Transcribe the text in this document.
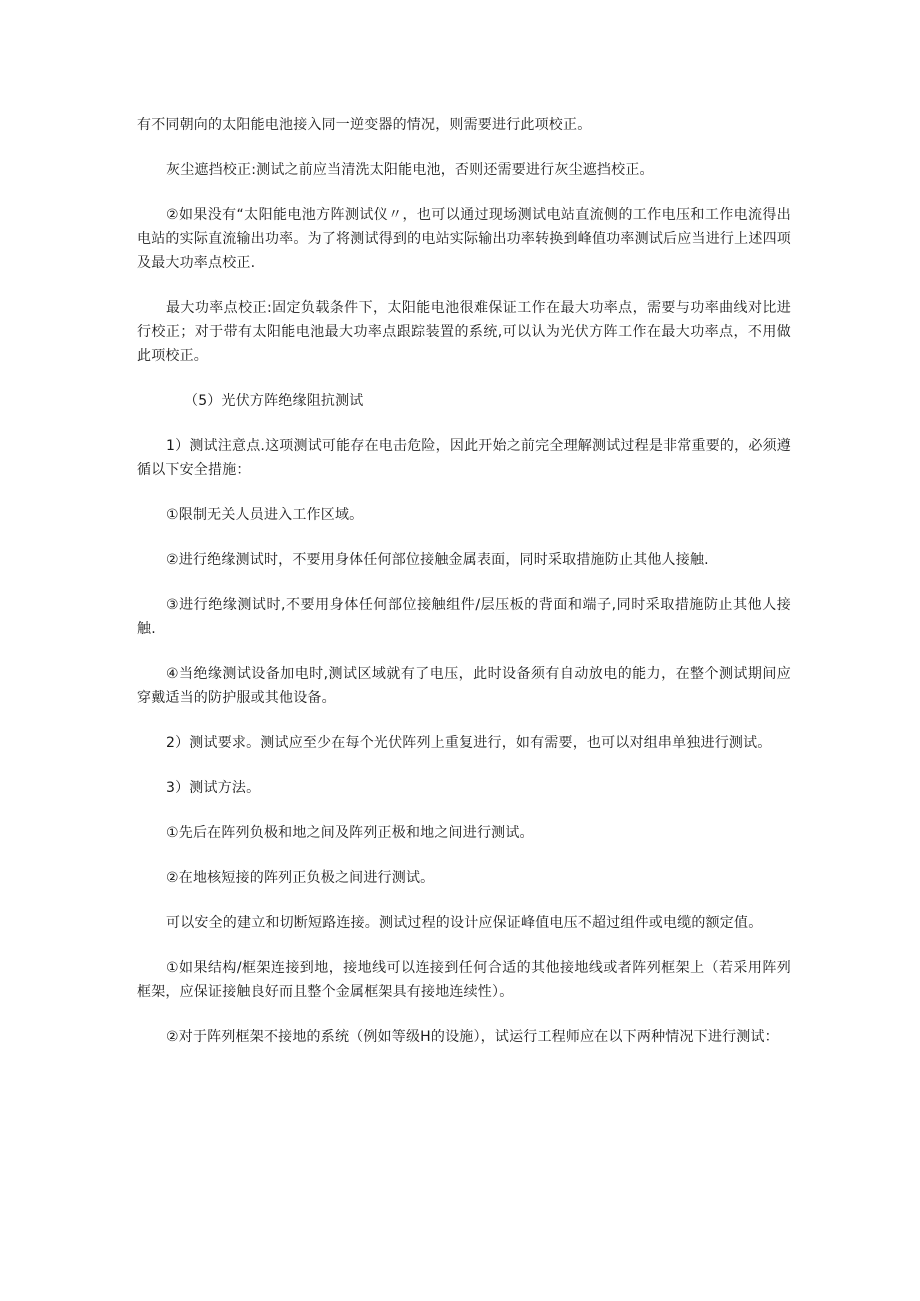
有不同朝向的太阳能电池接入同一逆变器的情况，则需要进行此项校正。

灰尘遮挡校正:测试之前应当清洗太阳能电池，否则还需要进行灰尘遮挡校正。

②如果没有“太阳能电池方阵测试仪〃，也可以通过现场测试电站直流侧的工作电压和工作电流得出电站的实际直流输出功率。为了将测试得到的电站实际输出功率转换到峰值功率测试后应当进行上述四项及最大功率点校正.

最大功率点校正:固定负载条件下，太阳能电池很难保证工作在最大功率点，需要与功率曲线对比进行校正；对于带有太阳能电池最大功率点跟踪装置的系统,可以认为光伏方阵工作在最大功率点，不用做此项校正。

（5）光伏方阵绝缘阻抗测试

1）测试注意点.这项测试可能存在电击危险，因此开始之前完全理解测试过程是非常重要的，必须遵循以下安全措施：

①限制无关人员进入工作区域。

②进行绝缘测试时，不要用身体任何部位接触金属表面，同时采取措施防止其他人接触.

③进行绝缘测试时,不要用身体任何部位接触组件/层压板的背面和端子,同时采取措施防止其他人接触.

④当绝缘测试设备加电时,测试区域就有了电压，此时设备须有自动放电的能力，在整个测试期间应穿戴适当的防护服或其他设备。

2）测试要求。测试应至少在每个光伏阵列上重复进行，如有需要，也可以对组串单独进行测试。

3）测试方法。

①先后在阵列负极和地之间及阵列正极和地之间进行测试。

②在地核短接的阵列正负极之间进行测试。

可以安全的建立和切断短路连接。测试过程的设计应保证峰值电压不超过组件或电缆的额定值。

①如果结构/框架连接到地，接地线可以连接到任何合适的其他接地线或者阵列框架上（若采用阵列框架，应保证接触良好而且整个金属框架具有接地连续性）。

②对于阵列框架不接地的系统（例如等级H的设施），试运行工程师应在以下两种情况下进行测试：
